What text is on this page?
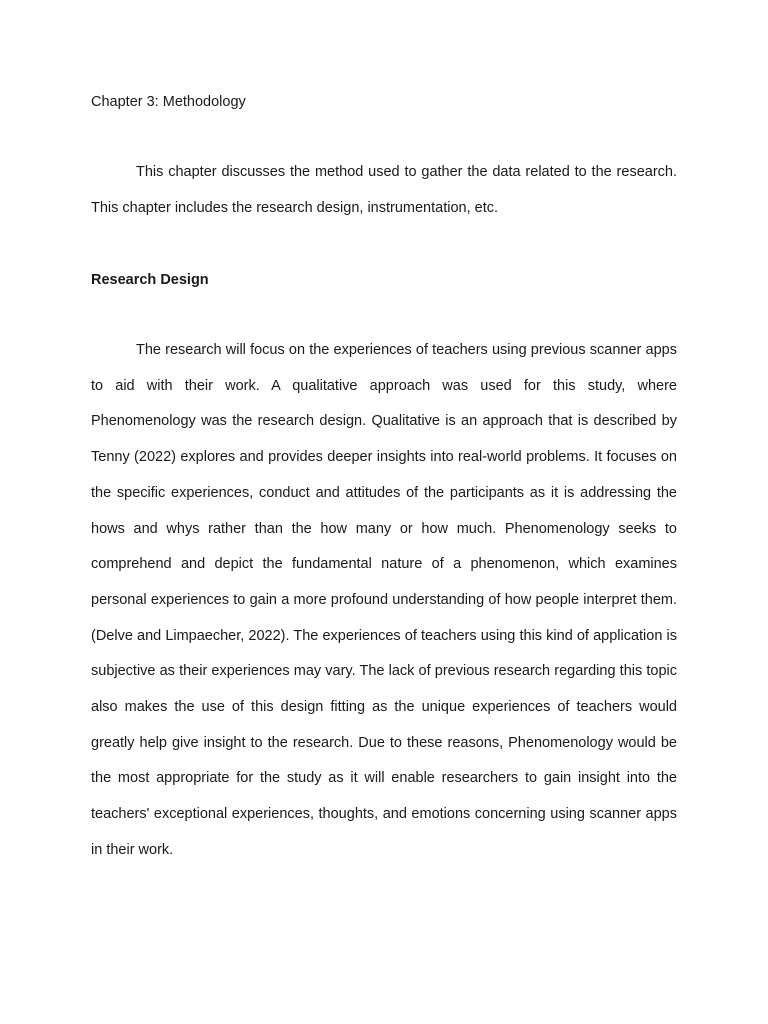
Chapter 3: Methodology

This chapter discusses the method used to gather the data related to the research. This chapter includes the research design, instrumentation, etc.

Research Design

The research will focus on the experiences of teachers using previous scanner apps to aid with their work. A qualitative approach was used for this study, where Phenomenology was the research design. Qualitative is an approach that is described by Tenny (2022) explores and provides deeper insights into real-world problems. It focuses on the specific experiences, conduct and attitudes of the participants as it is addressing the hows and whys rather than the how many or how much. Phenomenology seeks to comprehend and depict the fundamental nature of a phenomenon, which examines personal experiences to gain a more profound understanding of how people interpret them. (Delve and Limpaecher, 2022). The experiences of teachers using this kind of application is subjective as their experiences may vary. The lack of previous research regarding this topic also makes the use of this design fitting as the unique experiences of teachers would greatly help give insight to the research. Due to these reasons, Phenomenology would be the most appropriate for the study as it will enable researchers to gain insight into the teachers' exceptional experiences, thoughts, and emotions concerning using scanner apps in their work.
